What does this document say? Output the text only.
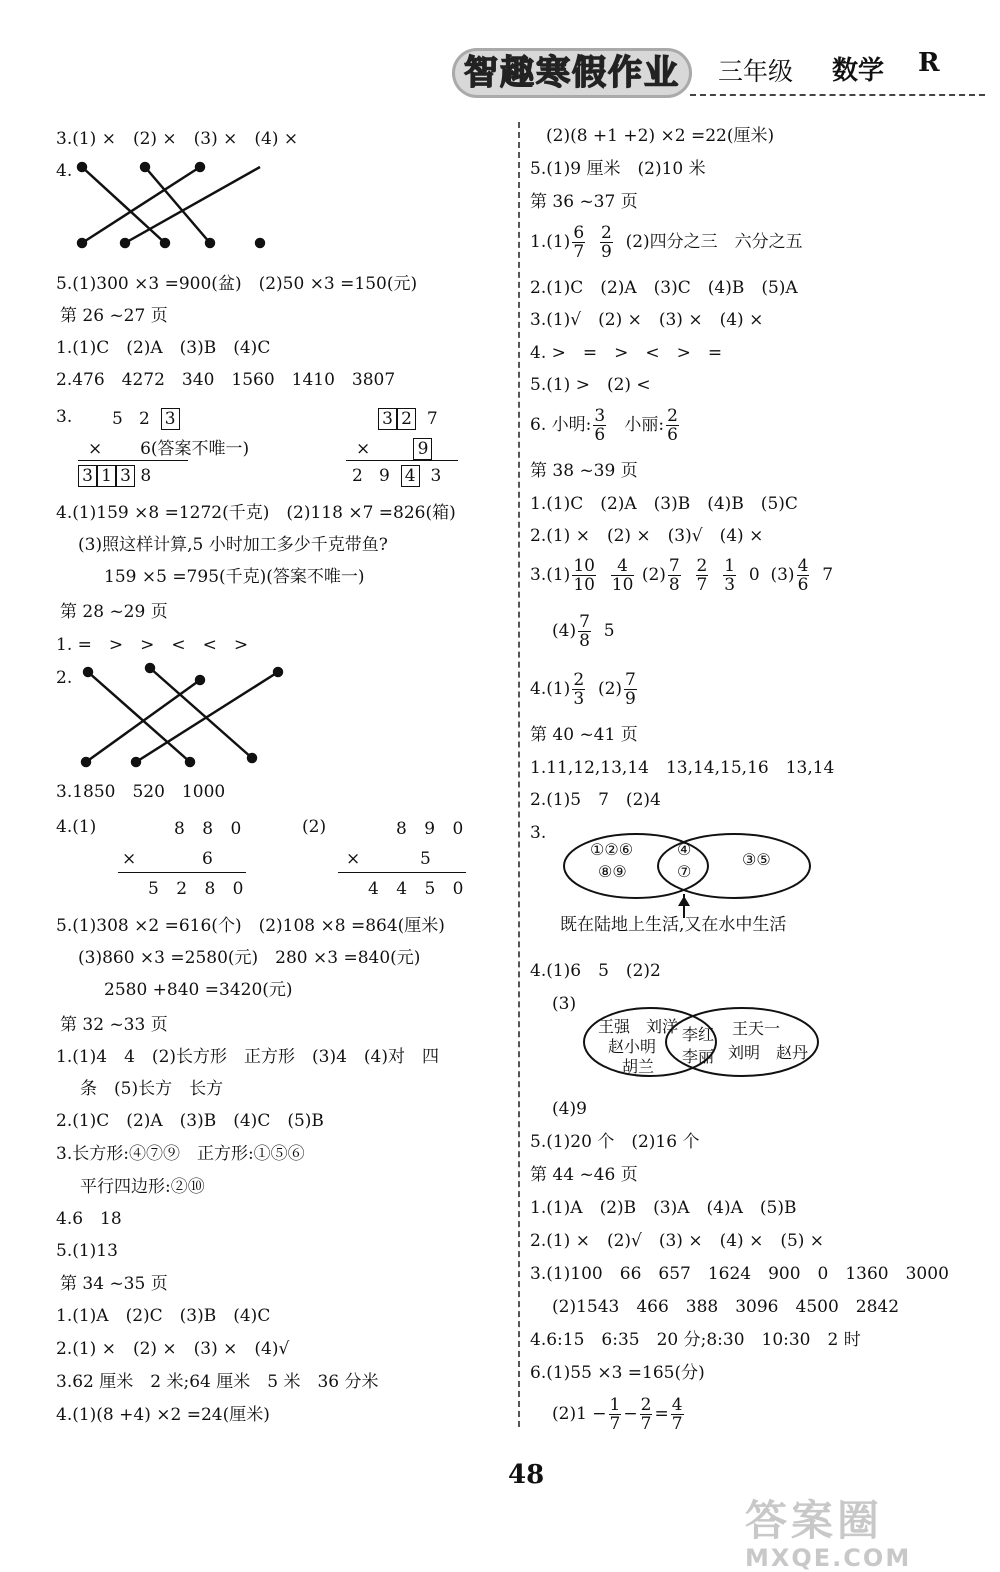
智趣寒假作业	三年级 数学 R
3.(1) ×　(2) ×　(3) ×　(4) ×
4.
5.(1)300 ×3 =900(盆)　(2)50 ×3 =150(元)
第 26 ~27 页
1.(1)C　(2)A　(3)B　(4)C
2.476　4272　340　1560　1410　3807
3. 5 2 3
× 6(答案不唯一)
3 1 3 8
3 2 7
×	9
2 9 4 3
4.(1)159 ×8 =1272(千克)　(2)118 ×7 =826(箱)
(3)照这样计算,5 小时加工多少千克带鱼?
159 ×5 =795(千克)(答案不唯一)
第 28 ~29 页
1. =　>　>　<　<　>
2.
3.1850　520　1000
4.(1)	(2)
8 8 0
×	6
5 2 8 0
8 9 0
×	5
4 4 5 0
5.(1)308 ×2 =616(个)　(2)108 ×8 =864(厘米)
(3)860 ×3 =2580(元)　280 ×3 =840(元)
2580 +840 =3420(元)
第 32 ~33 页
1.(1)4　4　(2)长方形　正方形　(3)4　(4)对　四
条　(5)长方　长方
2.(1)C　(2)A　(3)B　(4)C　(5)B
3.长方形:④⑦⑨　正方形:①⑤⑥
平行四边形:②⑩
4.6　18
5.(1)13
第 34 ~35 页
1.(1)A　(2)C　(3)B　(4)C
2.(1) ×　(2) ×　(3) ×　(4)√
3.62 厘米　2 米;64 厘米　5 米　36 分米
4.(1)(8 +4) ×2 =24(厘米)
(2)(8 +1 +2) ×2 =22(厘米)
5.(1)9 厘米　(2)10 米
第 36 ~37 页
$1.(1) \frac{6}{7}$
$\frac{2}{9} (2)$四分之三　六分之五
2.(1)C　(2)A　(3)C　(4)B　(5)A
3.(1)√　(2) ×　(3) ×　(4) ×
4. >　=　>　<　>　=
5.(1) >　(2) <
6. 小明: $\frac{3}{6}$ 小丽: $\frac{2}{6}$
第 38 ~39 页
1.(1)C　(2)A　(3)B　(4)B　(5)C
2.(1) ×　(2) ×　(3)√　(4) ×
$3.(1) \frac{10}{10}$
$\frac{4}{10} (2) \frac{7}{8}$
$\frac{2}{7}$
$\frac{1}{3} 0$ $(3) \frac{4}{6} 7$
$(4) \frac{7}{8} 5$
$4.(1) \frac{2}{3} (2) \frac{7}{9}$
第 40 ~41 页
1.11,12,13,14　13,14,15,16　13,14
2.(1)5　7　(2)4
3.
①②⑥
⑧⑨
④
⑦
③⑤
既在陆地上生活,又在水中生活
4.(1)6　5　(2)2
(3)
王强　刘洋
赵小明
胡兰
李红
李丽
王天一
刘明　赵丹
(4)9
5.(1)20 个　(2)16 个
第 44 ~46 页
1.(1)A　(2)B　(3)A　(4)A　(5)B
2.(1) ×　(2)√　(3) ×　(4) ×　(5) ×
3.(1)100　66　657　1624　900　0　1360　3000
(2)1543　466　388　3096　4500　2842
4.6:15　6:35　20 分;8:30　10:30　2 时
6.(1)55 ×3 =165(分)
$(2)1 - \frac{1}{7} - \frac{2}{7} = \frac{4}{7}$
48
答案圈
MXQE.COM
